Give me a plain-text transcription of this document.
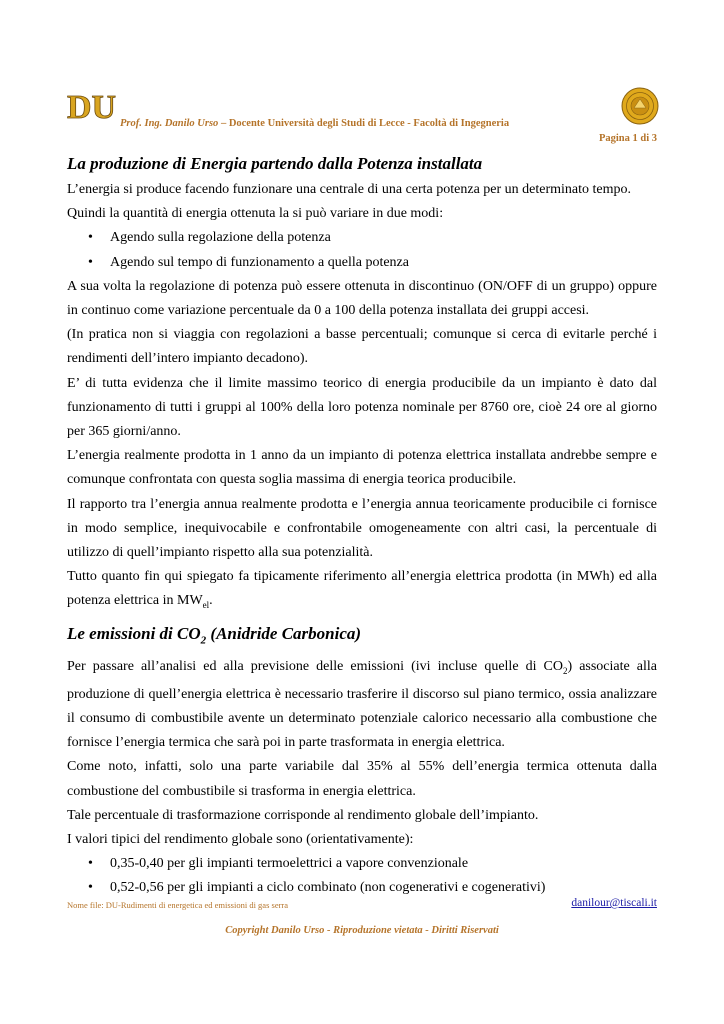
DU Prof. Ing. Danilo Urso – Docente Università degli Studi di Lecce - Facoltà di Ingegneria
Pagina 1 di 3
La produzione di Energia partendo dalla Potenza installata

L’energia si produce facendo funzionare una centrale di una certa potenza per un determinato tempo.

Quindi la quantità di energia ottenuta la si può variare in due modi:

• Agendo sulla regolazione della potenza
• Agendo sul tempo di funzionamento a quella potenza

A sua volta la regolazione di potenza può essere ottenuta in discontinuo (ON/OFF di un gruppo) oppure in continuo come variazione percentuale da 0 a 100 della potenza installata dei gruppi accesi.

(In pratica non si viaggia con regolazioni a basse percentuali; comunque si cerca di evitarle perché i rendimenti dell’intero impianto decadono).

E’ di tutta evidenza che il limite massimo teorico di energia producibile da un impianto è dato dal funzionamento di tutti i gruppi al 100% della loro potenza nominale per 8760 ore, cioè 24 ore al giorno per 365 giorni/anno.

L’energia realmente prodotta in 1 anno da un impianto di potenza elettrica installata andrebbe sempre e comunque confrontata con questa soglia massima di energia teorica producibile.

Il rapporto tra l’energia annua realmente prodotta e l’energia annua teoricamente producibile ci fornisce in modo semplice, inequivocabile e confrontabile omogeneamente con altri casi, la percentuale di utilizzo di quell’impianto rispetto alla sua potenzialità.

Tutto quanto fin qui spiegato fa tipicamente riferimento all’energia elettrica prodotta (in MWh) ed alla potenza elettrica in $MW_{el}$.

Le emissioni di $CO_2$ (Anidride Carbonica)

Per passare all’analisi ed alla previsione delle emissioni (ivi incluse quelle di $CO_2$) associate alla produzione di quell’energia elettrica è necessario trasferire il discorso sul piano termico, ossia analizzare il consumo di combustibile avente un determinato potenziale calorico necessario alla combustione che fornisce l’energia termica che sarà poi in parte trasformata in energia elettrica.

Come noto, infatti, solo una parte variabile dal 35% al 55% dell’energia termica ottenuta dalla combustione del combustibile si trasforma in energia elettrica.

Tale percentuale di trasformazione corrisponde al rendimento globale dell’impianto.

I valori tipici del rendimento globale sono (orientativamente):

• 0,35-0,40 per gli impianti termoelettrici a vapore convenzionale
• 0,52-0,56 per gli impianti a ciclo combinato (non cogenerativi e cogenerativi)
Nome file: DU-Rudimenti di energetica ed emissioni di gas serra	danilour@tiscali.it
Copyright Danilo Urso - Riproduzione vietata - Diritti Riservati
